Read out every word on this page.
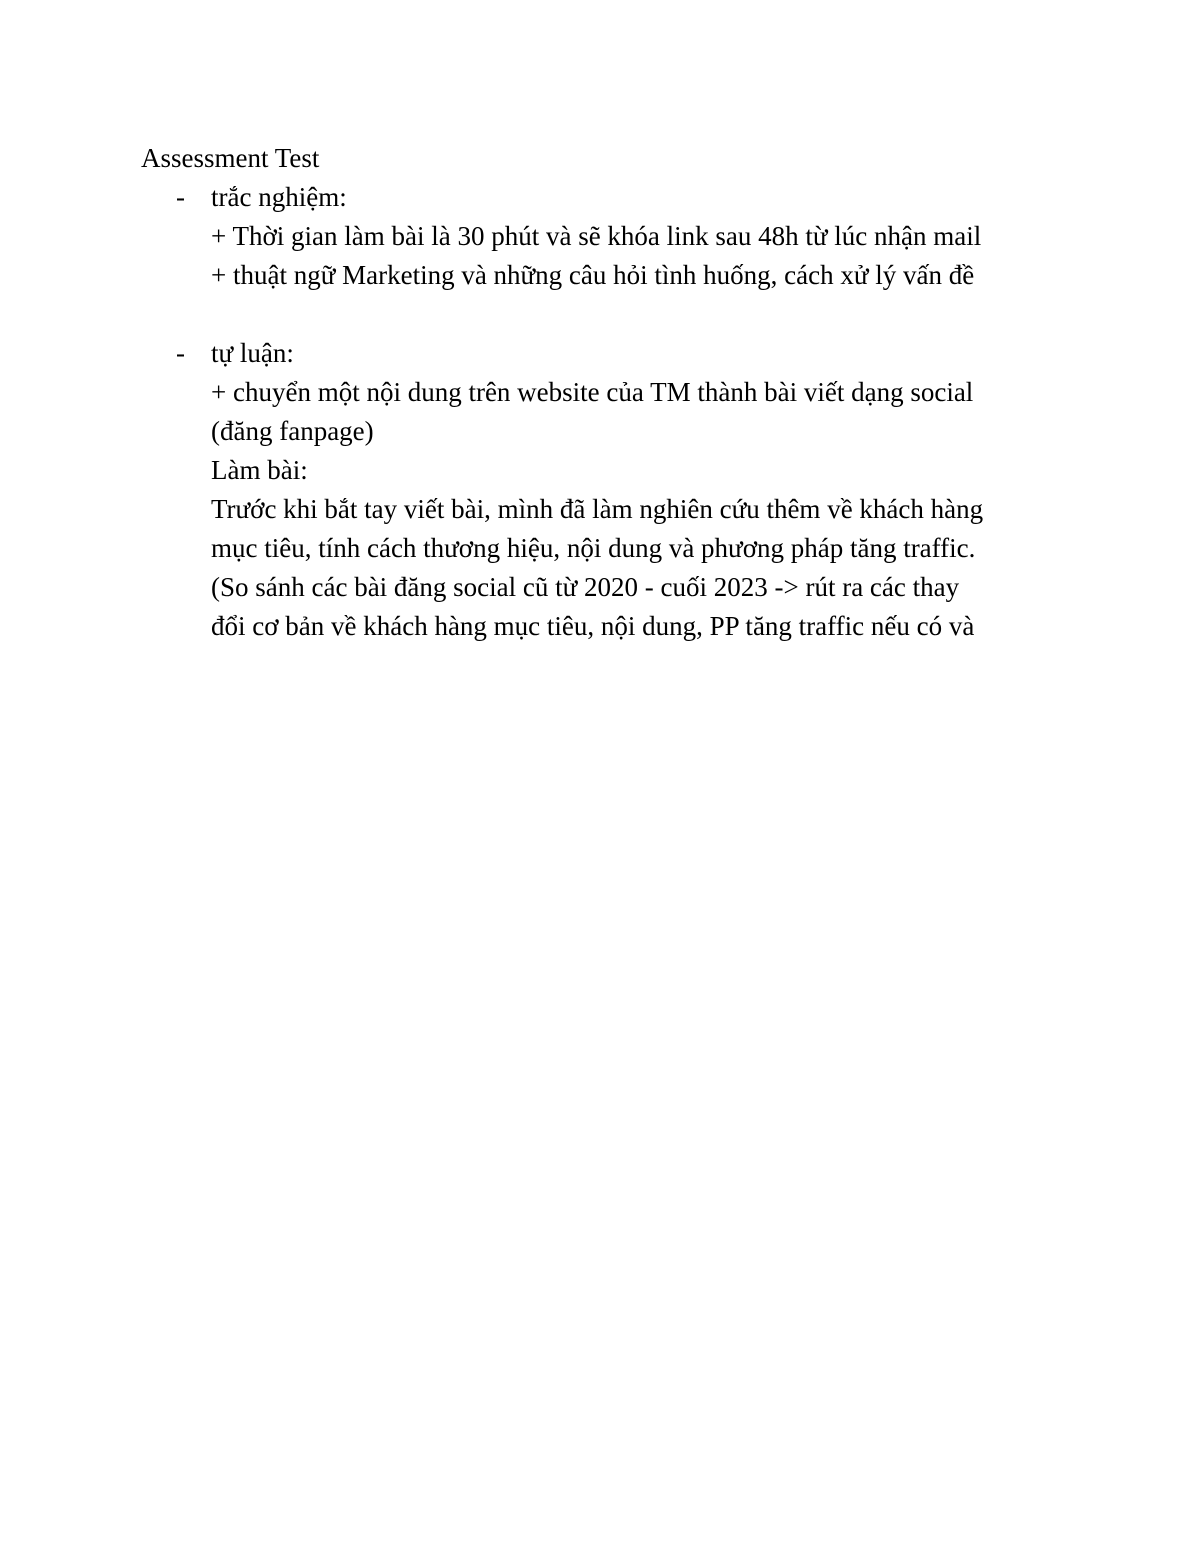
Assessment Test
- trắc nghiệm:
+ Thời gian làm bài là 30 phút và sẽ khóa link sau 48h từ lúc nhận mail
+ thuật ngữ Marketing và những câu hỏi tình huống, cách xử lý vấn đề
- tự luận:
+ chuyển một nội dung trên website của TM thành bài viết dạng social
(đăng fanpage)
Làm bài:
Trước khi bắt tay viết bài, mình đã làm nghiên cứu thêm về khách hàng
mục tiêu, tính cách thương hiệu, nội dung và phương pháp tăng traffic.
(So sánh các bài đăng social cũ từ 2020 - cuối 2023 -> rút ra các thay
đổi cơ bản về khách hàng mục tiêu, nội dung, PP tăng traffic nếu có và
